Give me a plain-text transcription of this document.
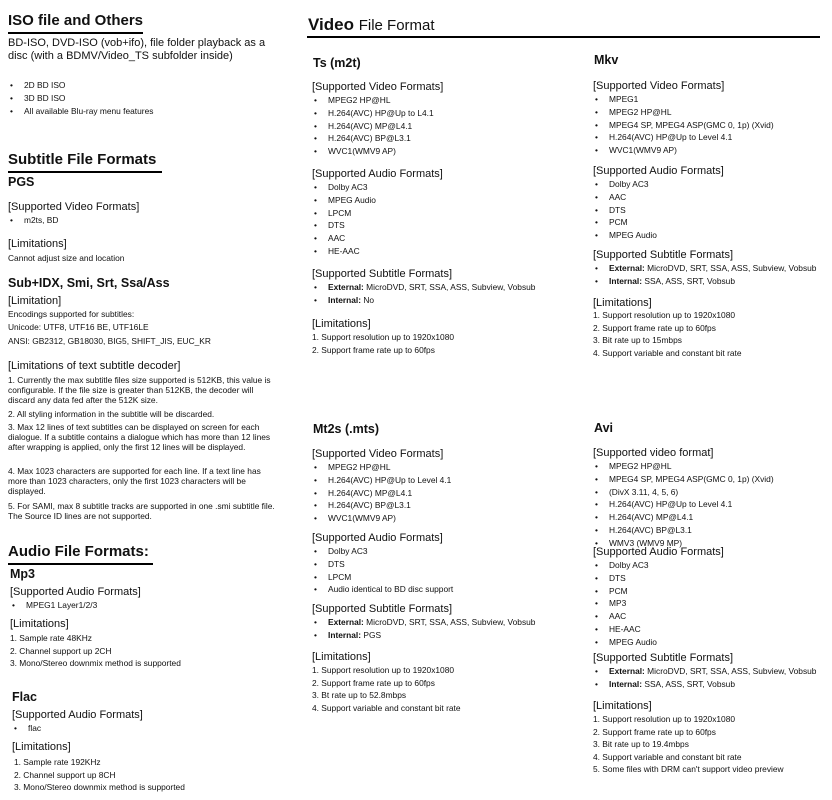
ISO file and Others
BD-ISO, DVD-ISO (vob+ifo), file folder playback as a disc (with a BDMV/Video_TS subfolder inside)
• 2D BD ISO
• 3D BD ISO
• All available Blu-ray menu features
Subtitle File Formats
PGS
[Supported Video Formats]
• m2ts, BD
[Limitations]
Cannot adjust size and location
Sub+IDX, Smi, Srt, Ssa/Ass
[Limitation]
Encodings supported for subtitles:
Unicode: UTF8, UTF16 BE, UTF16LE
ANSI: GB2312, GB18030, BIG5, SHIFT_JIS, EUC_KR
[Limitations of text subtitle decoder]
1. Currently the max subtitle files size supported is 512KB, this value is configurable. If the file size is greater than 512KB, the decoder will discard any data fed after the 512K size.
2. All styling information in the subtitle will be discarded.
3. Max 12 lines of text subtitles can be displayed on screen for each dialogue. If a subtitle contains a dialogue which has more than 12 lines after wrapping is applied, only the first 12 lines will be displayed.
4. Max 1023 characters are supported for each line. If a text line has more than 1023 characters, only the first 1023 characters will be displayed.
5. For SAMI, max 8 subtitle tracks are supported in one .smi subtitle file. The Source ID lines are not supported.
Audio File Formats:
Mp3
[Supported Audio Formats]
• MPEG1 Layer1/2/3
[Limitations]
1. Sample rate 48KHz
2. Channel support up 2CH
3. Mono/Stereo downmix method is supported
Flac
[Supported Audio Formats]
• flac
[Limitations]
1. Sample rate 192KHz
2. Channel support up 8CH
3. Mono/Stereo downmix method is supported
Video File Format
Ts (m2t)
[Supported Video Formats]
• MPEG2 HP@HL
• H.264(AVC) HP@Up to L4.1
• H.264(AVC) MP@L4.1
• H.264(AVC) BP@L3.1
• WVC1(WMV9 AP)
[Supported Audio Formats]
• Dolby AC3
• MPEG Audio
• LPCM
• DTS
• AAC
• HE-AAC
[Supported Subtitle Formats]
• External: MicroDVD, SRT, SSA, ASS, Subview, Vobsub
• Internal: No
[Limitations]
1. Support resolution up to 1920x1080
2. Support frame rate up to 60fps
Mkv
[Supported Video Formats]
• MPEG1
• MPEG2 HP@HL
• MPEG4 SP, MPEG4 ASP(GMC 0, 1p) (Xvid)
• H.264(AVC) HP@Up to Level 4.1
• WVC1(WMV9 AP)
[Supported Audio Formats]
• Dolby AC3
• AAC
• DTS
• PCM
• MPEG Audio
[Supported Subtitle Formats]
• External: MicroDVD, SRT, SSA, ASS, Subview, Vobsub
• Internal: SSA, ASS, SRT, Vobsub
[Limitations]
1. Support resolution up to 1920x1080
2. Support frame rate up to 60fps
3. Bit rate up to 15mbps
4. Support variable and constant bit rate
Mt2s (.mts)
[Supported Video Formats]
• MPEG2 HP@HL
• H.264(AVC) HP@Up to Level 4.1
• H.264(AVC) MP@L4.1
• H.264(AVC) BP@L3.1
• WVC1(WMV9 AP)
[Supported Audio Formats]
• Dolby AC3
• DTS
• LPCM
• Audio identical to BD disc support
[Supported Subtitle Formats]
• External: MicroDVD, SRT, SSA, ASS, Subview, Vobsub
• Internal: PGS
[Limitations]
1. Support resolution up to 1920x1080
2. Support frame rate up to 60fps
3. Bt rate up to 52.8mbps
4. Support variable and constant bit rate
Avi
[Supported video format]
• MPEG2 HP@HL
• MPEG4 SP, MPEG4 ASP(GMC 0, 1p) (Xvid)
• (DivX 3.11, 4, 5, 6)
• H.264(AVC) HP@Up to Level 4.1
• H.264(AVC) MP@L4.1
• H.264(AVC) BP@L3.1
• WMV3 (WMV9 MP)
[Supported Audio Formats]
• Dolby AC3
• DTS
• PCM
• MP3
• AAC
• HE-AAC
• MPEG Audio
[Supported Subtitle Formats]
• External: MicroDVD, SRT, SSA, ASS, Subview, Vobsub
• Internal: SSA, ASS, SRT, Vobsub
[Limitations]
1. Support resolution up to 1920x1080
2. Support frame rate up to 60fps
3. Bit rate up to 19.4mbps
4. Support variable and constant bit rate
5. Some files with DRM can't support video preview
